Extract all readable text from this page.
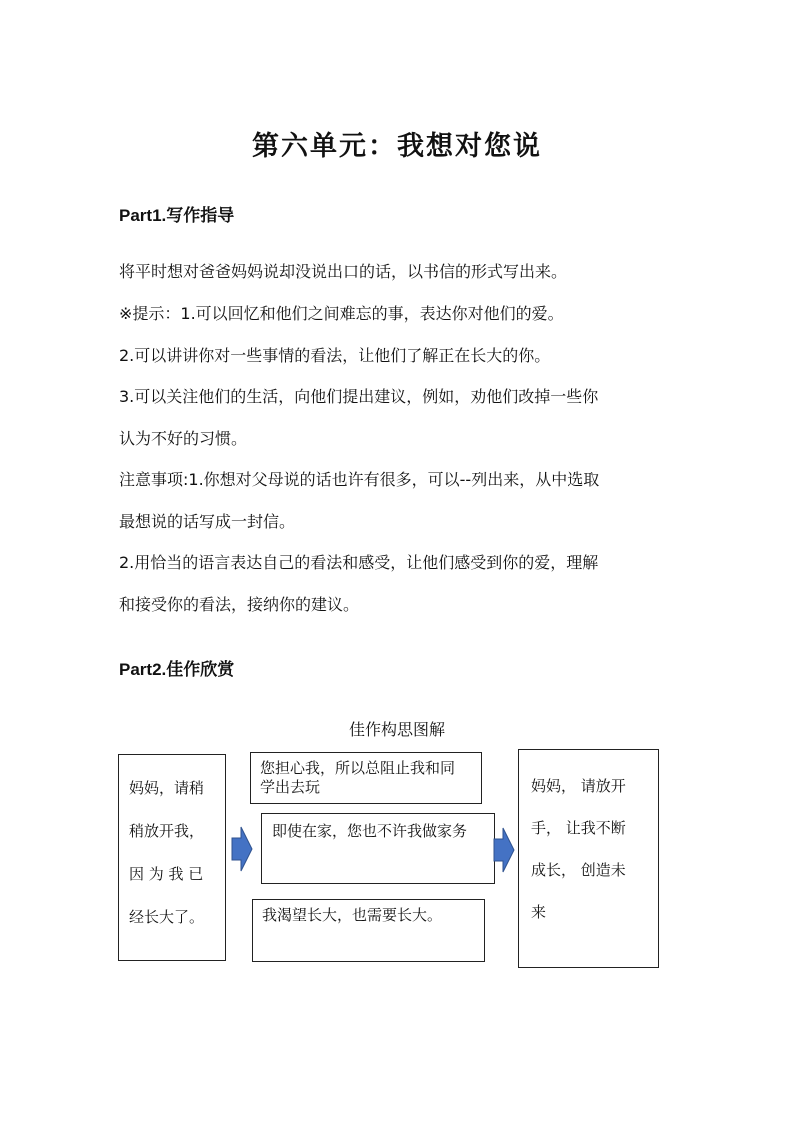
第六单元：我想对您说
Part1.写作指导
将平时想对爸爸妈妈说却没说出口的话，以书信的形式写出来。
※提示：1.可以回忆和他们之间难忘的事，表达你对他们的爱。
2.可以讲讲你对一些事情的看法，让他们了解正在长大的你。
3.可以关注他们的生活，向他们提出建议，例如，劝他们改掉一些你
认为不好的习惯。
注意事项:1.你想对父母说的话也许有很多，可以--列出来，从中选取
最想说的话写成一封信。
2.用恰当的语言表达自己的看法和感受，让他们感受到你的爱，理解
和接受你的看法，接纳你的建议。
Part2.佳作欣赏
佳作构思图解
妈妈，请稍
稍放开我，
因 为 我 已
经长大了。
您担心我，所以总阻止我和同
学出去玩
即使在家，您也不许我做家务
我渴望长大，也需要长大。
妈妈， 请放开
手， 让我不断
成长， 创造未
来
